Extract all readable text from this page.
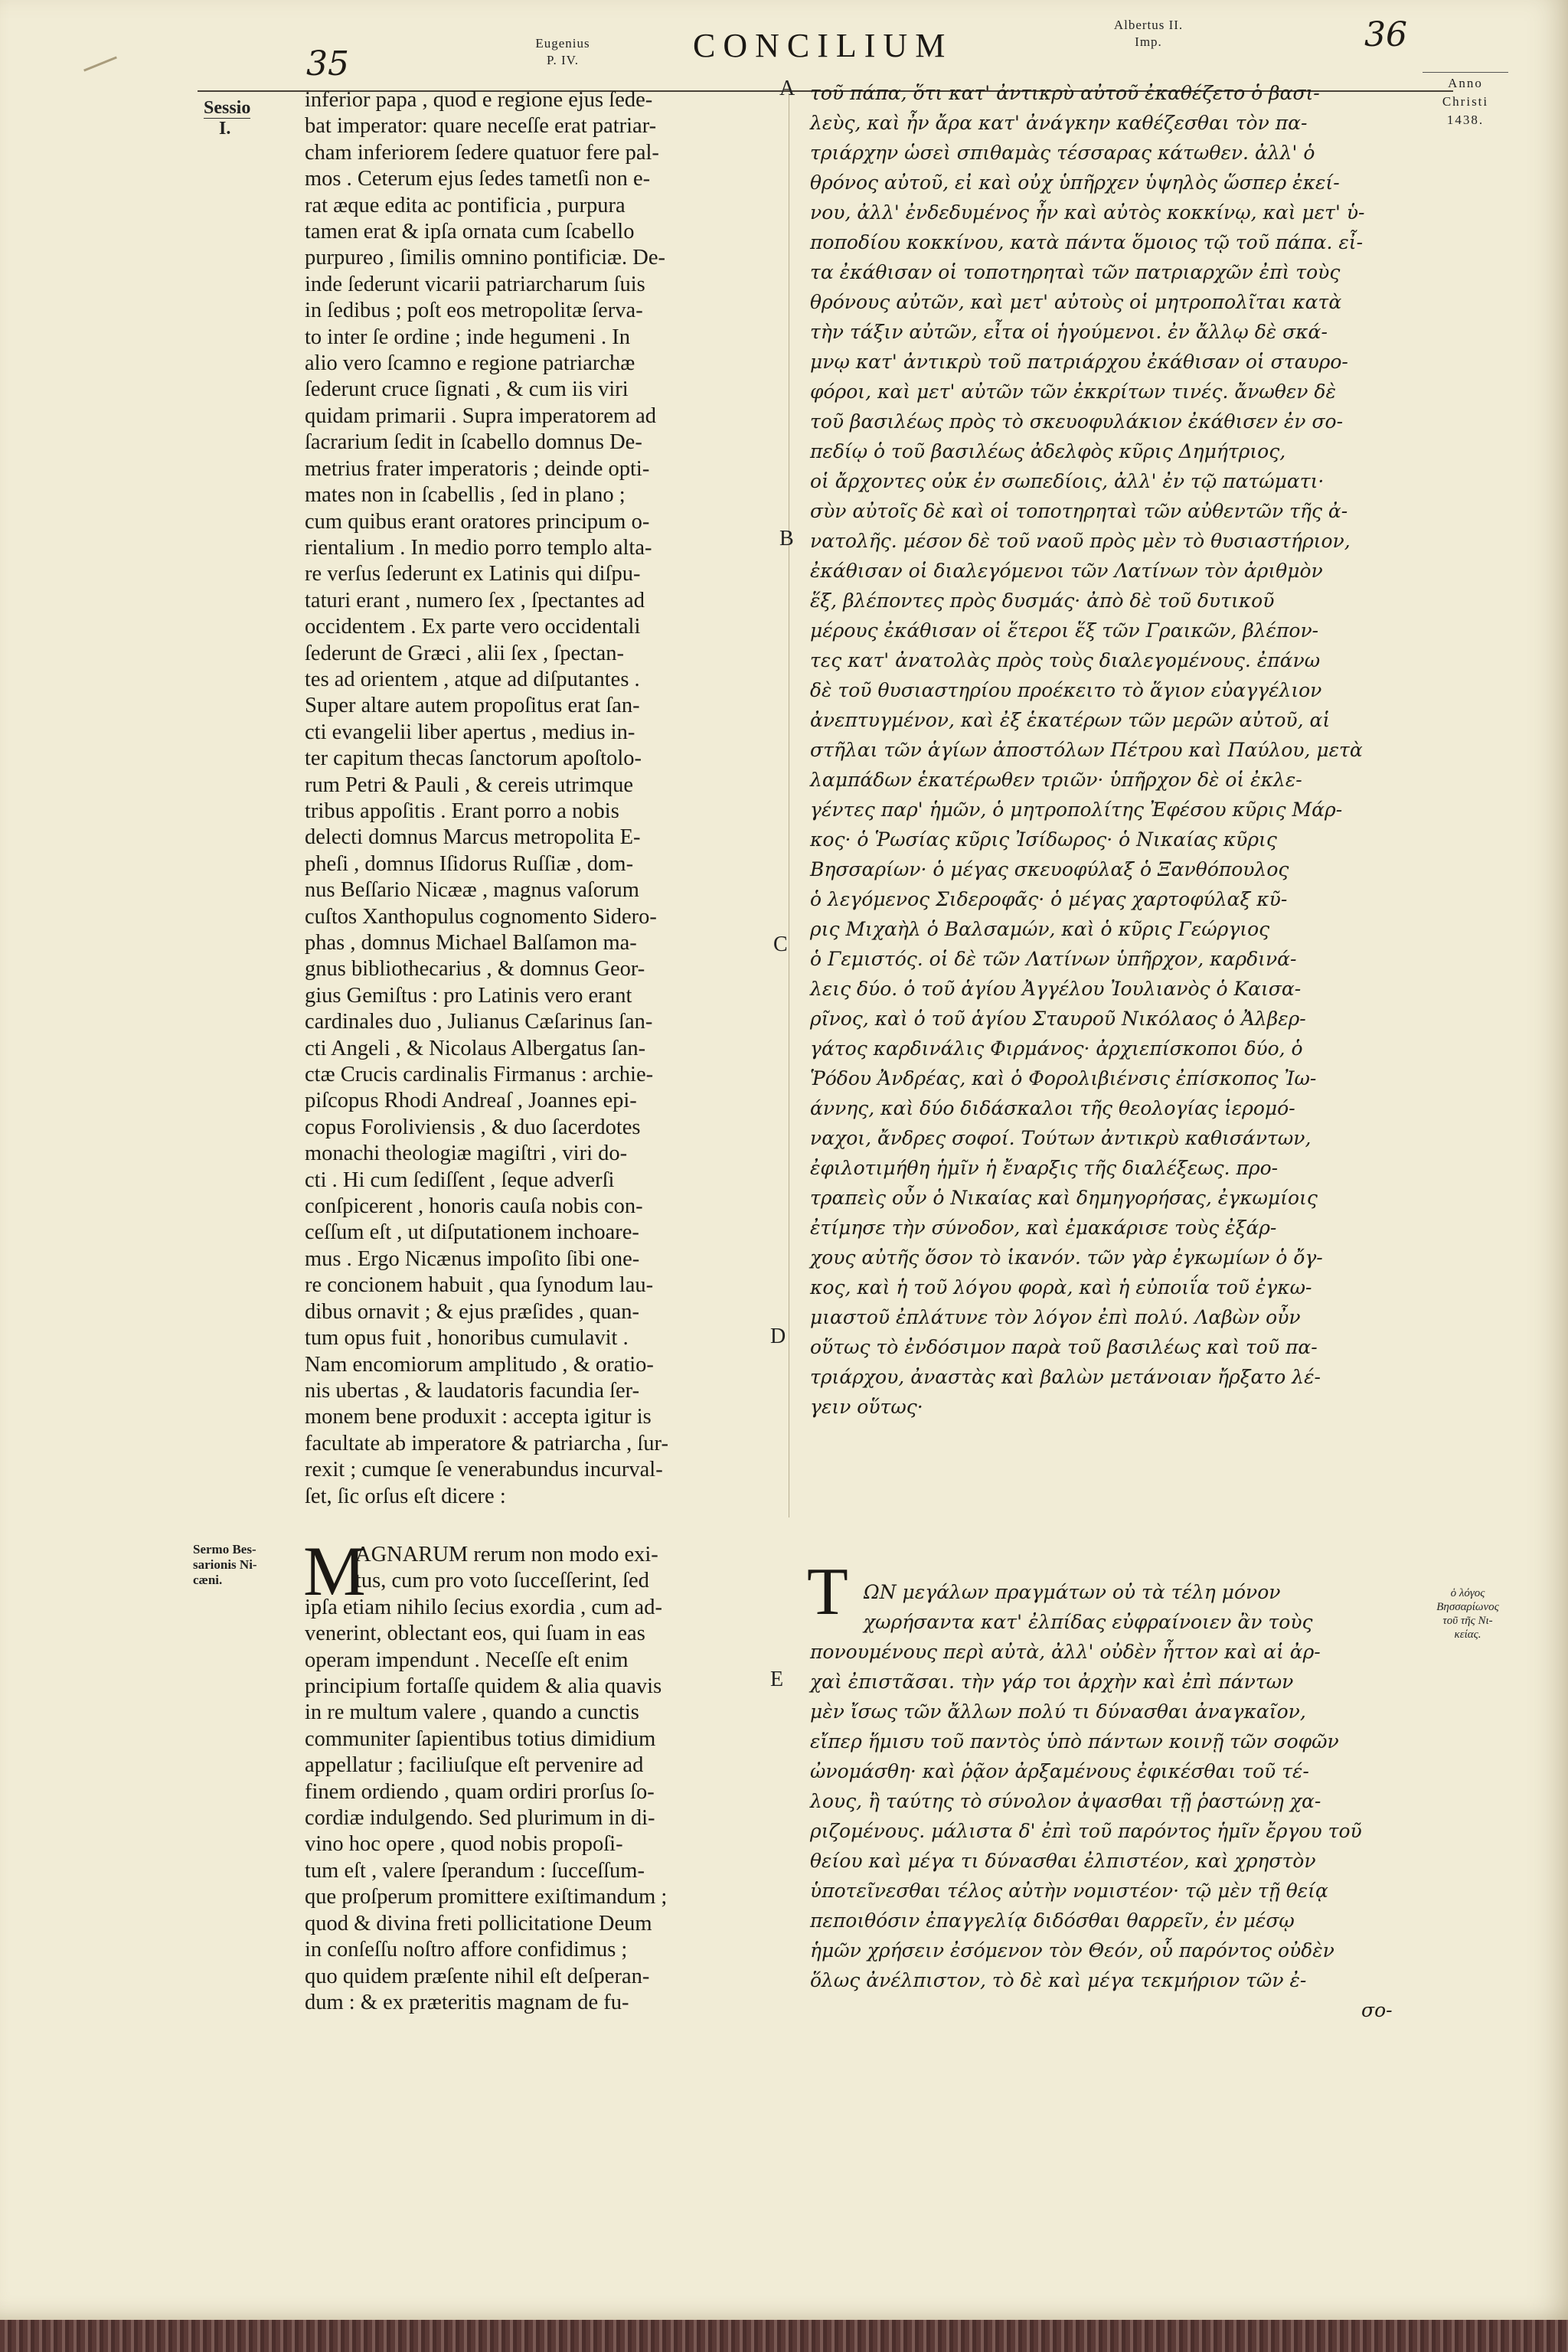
35
Eugenius
P. IV.	CONCILIUM
Albertus II.
Imp.	36
Anno
Christi
1438.
Sessio
I.
Sermo Bes-
sarionis Ni-
cæni.
ὁ λόγος
Βησσαρίωνος
τοῦ τῆς Νι-
κείας.
A
B
C
D
E
inferior papa , quod e regione ejus ſede-
bat imperator: quare neceſſe erat patriar-
cham inferiorem ſedere quatuor fere pal-
mos . Ceterum ejus ſedes tametſi non e-
rat æque edita ac pontificia , purpura
tamen erat & ipſa ornata cum ſcabello
purpureo , ſimilis omnino pontificiæ. De-
inde ſederunt vicarii patriarcharum ſuis
in ſedibus ; poſt eos metropolitæ ſerva-
to inter ſe ordine ; inde hegumeni . In
alio vero ſcamno e regione patriarchæ
ſederunt cruce ſignati , & cum iis viri
quidam primarii . Supra imperatorem ad
ſacrarium ſedit in ſcabello domnus De-
metrius frater imperatoris ; deinde opti-
mates non in ſcabellis , ſed in plano ;
cum quibus erant oratores principum o-
rientalium . In medio porro templo alta-
re verſus ſederunt ex Latinis qui diſpu-
taturi erant , numero ſex , ſpectantes ad
occidentem . Ex parte vero occidentali
ſederunt de Græci , alii ſex , ſpectan-
tes ad orientem , atque ad diſputantes .
Super altare autem propoſitus erat ſan-
cti evangelii liber apertus , medius in-
ter capitum thecas ſanctorum apoſtolo-
rum Petri & Pauli , & cereis utrimque
tribus appoſitis . Erant porro a nobis
delecti domnus Marcus metropolita E-
pheſi , domnus Iſidorus Ruſſiæ , dom-
nus Beſſario Nicææ , magnus vaſorum
cuſtos Xanthopulus cognomento Sidero-
phas , domnus Michael Balſamon ma-
gnus bibliothecarius , & domnus Geor-
gius Gemiſtus : pro Latinis vero erant
cardinales duo , Julianus Cæſarinus ſan-
cti Angeli , & Nicolaus Albergatus ſan-
ctæ Crucis cardinalis Firmanus : archie-
piſcopus Rhodi Andreaſ , Joannes epi-
copus Foroliviensis , & duo ſacerdotes
monachi theologiæ magiſtri , viri do-
cti . Hi cum ſediſſent , ſeque adverſi
conſpicerent , honoris cauſa nobis con-
ceſſum eſt , ut diſputationem inchoare-
mus . Ergo Nicænus impoſito ſibi one-
re concionem habuit , qua ſynodum lau-
dibus ornavit ; & ejus præſides , quan-
tum opus fuit , honoribus cumulavit .
Nam encomiorum amplitudo , & oratio-
nis ubertas , & laudatoris facundia ſer-
monem bene produxit : accepta igitur is
facultate ab imperatore & patriarcha , ſur-
rexit ; cumque ſe venerabundus incurval-
ſet, ſic orſus eſt dicere :
M
AGNARUM rerum non modo exi-
tus, cum pro voto ſucceſſerint, ſed
ipſa etiam nihilo ſecius exordia , cum ad-
venerint, oblectant eos, qui ſuam in eas
operam impendunt . Neceſſe eſt enim
principium fortaſſe quidem & alia quavis
in re multum valere , quando a cunctis
communiter ſapientibus totius dimidium
appellatur ; faciliuſque eſt pervenire ad
finem ordiendo , quam ordiri prorſus ſo-
cordiæ indulgendo. Sed plurimum in di-
vino hoc opere , quod nobis propoſi-
tum eſt , valere ſperandum : ſucceſſum-
que proſperum promittere exiſtimandum ;
quod & divina freti pollicitatione Deum
in conſeſſu noſtro affore confidimus ;
quo quidem præſente nihil eſt deſperan-
dum : & ex præteritis magnam de fu-
τοῦ πάπα, ὅτι κατ' ἀντικρὺ αὐτοῦ ἐκαθέζετο ὁ βασι-
λεὺς, καὶ ἦν ἄρα κατ' ἀνάγκην καθέζεσθαι τὸν πα-
τριάρχην ὡσεὶ σπιθαμὰς τέσσαρας κάτωθεν. ἀλλ' ὁ
θρόνος αὐτοῦ, εἰ καὶ οὐχ ὑπῆρχεν ὑψηλὸς ὥσπερ ἐκεί-
νου, ἀλλ' ἐνδεδυμένος ἦν καὶ αὐτὸς κοκκίνῳ, καὶ μετ' ὑ-
ποποδίου κοκκίνου, κατὰ πάντα ὅμοιος τῷ τοῦ πάπα. εἶ-
τα ἐκάθισαν οἱ τοποτηρηταὶ τῶν πατριαρχῶν ἐπὶ τοὺς
θρόνους αὐτῶν, καὶ μετ' αὐτοὺς οἱ μητροπολῖται κατὰ
τὴν τάξιν αὐτῶν, εἶτα οἱ ἡγούμενοι. ἐν ἄλλῳ δὲ σκά-
μνῳ κατ' ἀντικρὺ τοῦ πατριάρχου ἐκάθισαν οἱ σταυρο-
φόροι, καὶ μετ' αὐτῶν τῶν ἐκκρίτων τινές. ἄνωθεν δὲ
τοῦ βασιλέως πρὸς τὸ σκευοφυλάκιον ἐκάθισεν ἐν σο-
πεδίῳ ὁ τοῦ βασιλέως ἀδελφὸς κῦρις Δημήτριος,
οἱ ἄρχοντες οὐκ ἐν σωπεδίοις, ἀλλ' ἐν τῷ πατώματι·
σὺν αὐτοῖς δὲ καὶ οἱ τοποτηρηταὶ τῶν αὐθεντῶν τῆς ἀ-
νατολῆς. μέσον δὲ τοῦ ναοῦ πρὸς μὲν τὸ θυσιαστήριον,
ἐκάθισαν οἱ διαλεγόμενοι τῶν Λατίνων τὸν ἀριθμὸν
ἕξ, βλέποντες πρὸς δυσμάς· ἀπὸ δὲ τοῦ δυτικοῦ
μέρους ἐκάθισαν οἱ ἕτεροι ἕξ τῶν Γραικῶν, βλέπον-
τες κατ' ἀνατολὰς πρὸς τοὺς διαλεγομένους. ἐπάνω
δὲ τοῦ θυσιαστηρίου προέκειτο τὸ ἅγιον εὐαγγέλιον
ἀνεπτυγμένον, καὶ ἐξ ἑκατέρων τῶν μερῶν αὐτοῦ, αἱ
στῆλαι τῶν ἁγίων ἀποστόλων Πέτρου καὶ Παύλου, μετὰ
λαμπάδων ἑκατέρωθεν τριῶν· ὑπῆρχον δὲ οἱ ἐκλε-
γέντες παρ' ἡμῶν, ὁ μητροπολίτης Ἐφέσου κῦρις Μάρ-
κος· ὁ Ῥωσίας κῦρις Ἰσίδωρος· ὁ Νικαίας κῦρις
Βησσαρίων· ὁ μέγας σκευοφύλαξ ὁ Ξανθόπουλος
ὁ λεγόμενος Σιδεροφᾶς· ὁ μέγας χαρτοφύλαξ κῦ-
ρις Μιχαὴλ ὁ Βαλσαμών, καὶ ὁ κῦρις Γεώργιος
ὁ Γεμιστός. οἱ δὲ τῶν Λατίνων ὑπῆρχον, καρδινά-
λεις δύο. ὁ τοῦ ἁγίου Ἀγγέλου Ἰουλιανὸς ὁ Καισα-
ρῖνος, καὶ ὁ τοῦ ἁγίου Σταυροῦ Νικόλαος ὁ Ἀλβερ-
γάτος καρδινάλις Φιρμάνος· ἀρχιεπίσκοποι δύο, ὁ
Ῥόδου Ἀνδρέας, καὶ ὁ Φορολιβιένσις ἐπίσκοπος Ἰω-
άννης, καὶ δύο διδάσκαλοι τῆς θεολογίας ἱερομό-
ναχοι, ἄνδρες σοφοί. Τούτων ἀντικρὺ καθισάντων,
ἐφιλοτιμήθη ἡμῖν ἡ ἔναρξις τῆς διαλέξεως. προ-
τραπεὶς οὖν ὁ Νικαίας καὶ δημηγορήσας, ἐγκωμίοις
ἐτίμησε τὴν σύνοδον, καὶ ἐμακάρισε τοὺς ἐξάρ-
χους αὐτῆς ὅσον τὸ ἱκανόν. τῶν γὰρ ἐγκωμίων ὁ ὄγ-
κος, καὶ ἡ τοῦ λόγου φορὰ, καὶ ἡ εὐποιΐα τοῦ ἐγκω-
μιαστοῦ ἐπλάτυνε τὸν λόγον ἐπὶ πολύ. Λαβὼν οὖν
οὕτως τὸ ἐνδόσιμον παρὰ τοῦ βασιλέως καὶ τοῦ πα-
τριάρχου, ἀναστὰς καὶ βαλὼν μετάνοιαν ἤρξατο λέ-
γειν οὕτως·
T ΩΝ μεγάλων πραγμάτων οὐ τὰ τέλη μόνον
χωρήσαντα κατ' ἐλπίδας εὐφραίνοιεν ἂν τοὺς
πονουμένους περὶ αὐτὰ, ἀλλ' οὐδὲν ἧττον καὶ αἱ ἀρ-
χαὶ ἐπιστᾶσαι. τὴν γάρ τοι ἀρχὴν καὶ ἐπὶ πάντων
μὲν ἴσως τῶν ἄλλων πολύ τι δύνασθαι ἀναγκαῖον,
εἴπερ ἥμισυ τοῦ παντὸς ὑπὸ πάντων κοινῇ τῶν σοφῶν
ὠνομάσθη· καὶ ῥᾷον ἀρξαμένους ἐφικέσθαι τοῦ τέ-
λους, ἢ ταύτης τὸ σύνολον ἀψασθαι τῇ ῥαστώνῃ χα-
ριζομένους. μάλιστα δ' ἐπὶ τοῦ παρόντος ἡμῖν ἔργου τοῦ
θείου καὶ μέγα τι δύνασθαι ἐλπιστέον, καὶ χρηστὸν
ὑποτεῖνεσθαι τέλος αὐτὴν νομιστέον· τῷ μὲν τῇ θείᾳ
πεποιθόσιν ἐπαγγελίᾳ διδόσθαι θαρρεῖν, ἐν μέσῳ
ἡμῶν χρήσειν ἐσόμενον τὸν Θεόν, οὗ παρόντος οὐδὲν
ὅλως ἀνέλπιστον, τὸ δὲ καὶ μέγα τεκμήριον τῶν ἐ-
σο-
